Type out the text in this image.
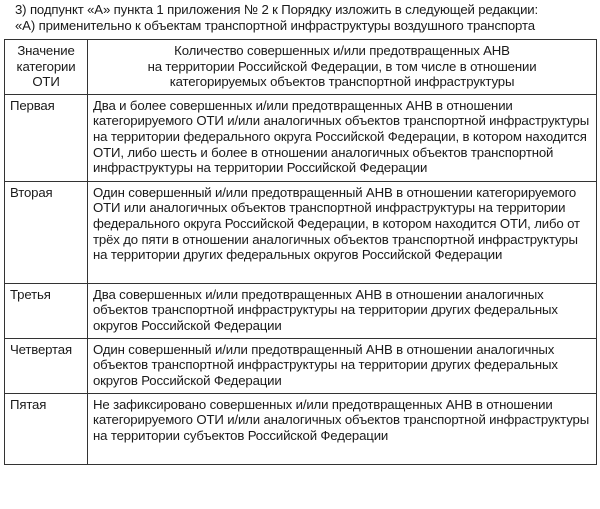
3) подпункт «А» пункта 1 приложения № 2 к Порядку изложить в следующей редакции:
«А) применительно к объектам транспортной инфраструктуры воздушного транспорта
Значение
категории
ОТИ	Количество совершенных и/или предотвращенных АНВ
на территории Российской Федерации, в том числе в отношении
категорируемых объектов транспортной инфраструктуры

Первая	Два и более совершенных и/или предотвращенных АНВ в отношении категорируемого ОТИ и/или аналогичных объектов транспортной инфраструктуры на территории федерального округа Российской Федерации, в котором находится ОТИ, либо шесть и более в отношении аналогичных объектов транспортной инфраструктуры на территории Российской Федерации
Вторая	Один совершенный и/или предотвращенный АНВ в отношении категорируемого ОТИ или аналогичных объектов транспортной инфраструктуры на территории федерального округа Российской Федерации, в котором находится ОТИ, либо от трёх до пяти в отношении аналогичных объектов транспортной инфраструктуры на территории других федеральных округов Российской Федерации
Третья	Два совершенных и/или предотвращенных АНВ в отношении аналогичных объектов транспортной инфраструктуры на территории других федеральных округов Российской Федерации
Четвертая	Один совершенный и/или предотвращенный АНВ в отношении аналогичных объектов транспортной инфраструктуры на территории других федеральных округов Российской Федерации
Пятая	Не зафиксировано совершенных и/или предотвращенных АНВ в отношении категорируемого ОТИ и/или аналогичных объектов транспортной инфраструктуры на территории субъектов Российской Федерации
